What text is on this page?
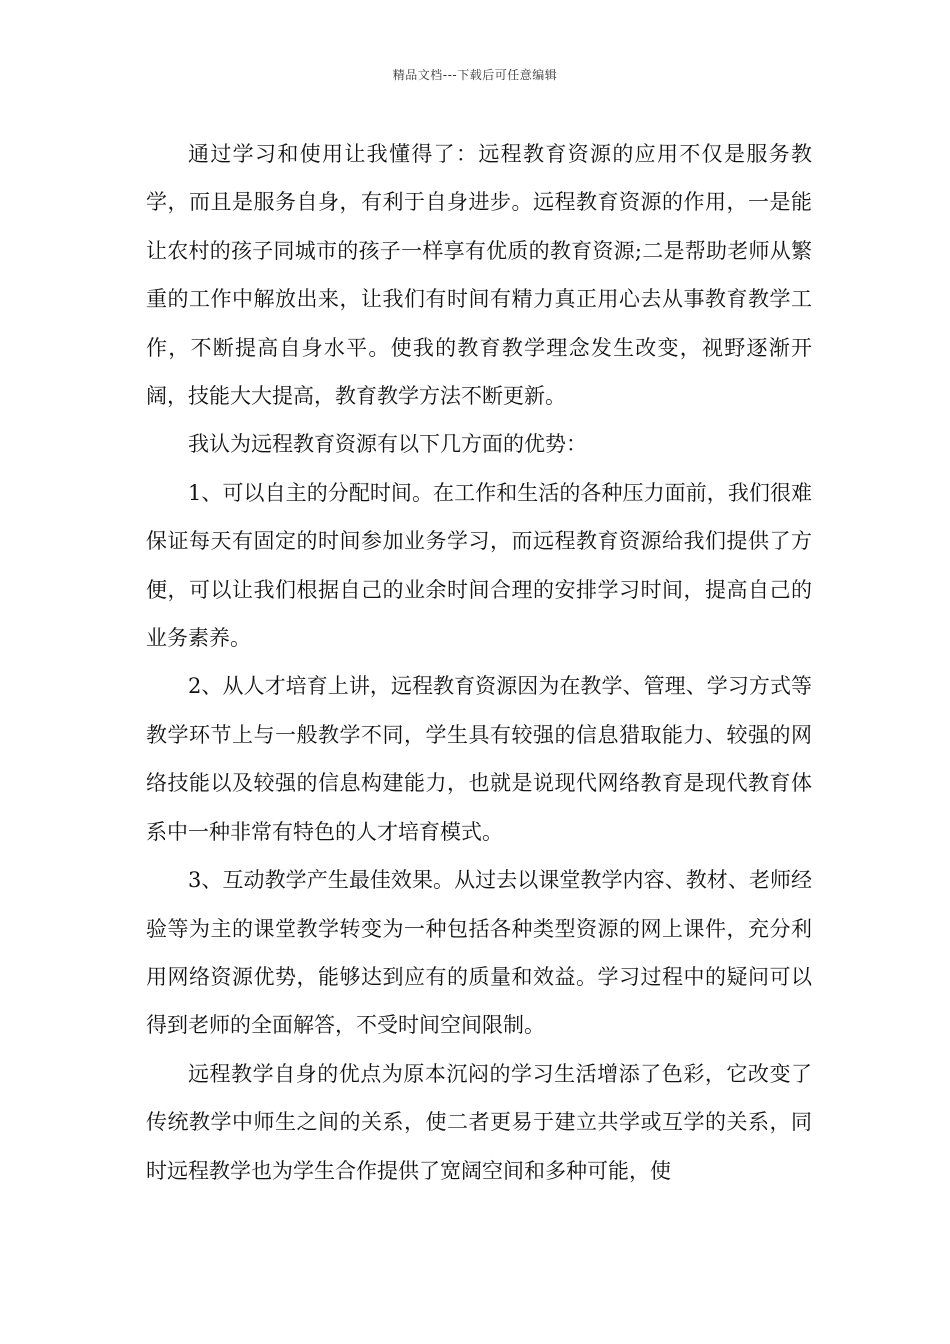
精品文档---下载后可任意编辑

通过学习和使用让我懂得了：远程教育资源的应用不仅是服务教学，而且是服务自身，有利于自身进步。远程教育资源的作用，一是能让农村的孩子同城市的孩子一样享有优质的教育资源;二是帮助老师从繁重的工作中解放出来，让我们有时间有精力真正用心去从事教育教学工作，不断提高自身水平。使我的教育教学理念发生改变，视野逐渐开阔，技能大大提高，教育教学方法不断更新。

我认为远程教育资源有以下几方面的优势：

1、可以自主的分配时间。在工作和生活的各种压力面前，我们很难保证每天有固定的时间参加业务学习，而远程教育资源给我们提供了方便，可以让我们根据自己的业余时间合理的安排学习时间，提高自己的业务素养。

2、从人才培育上讲，远程教育资源因为在教学、管理、学习方式等教学环节上与一般教学不同，学生具有较强的信息猎取能力、较强的网络技能以及较强的信息构建能力，也就是说现代网络教育是现代教育体系中一种非常有特色的人才培育模式。

3、互动教学产生最佳效果。从过去以课堂教学内容、教材、老师经验等为主的课堂教学转变为一种包括各种类型资源的网上课件，充分利用网络资源优势，能够达到应有的质量和效益。学习过程中的疑问可以得到老师的全面解答，不受时间空间限制。

远程教学自身的优点为原本沉闷的学习生活增添了色彩，它改变了传统教学中师生之间的关系，使二者更易于建立共学或互学的关系，同时远程教学也为学生合作提供了宽阔空间和多种可能，使
